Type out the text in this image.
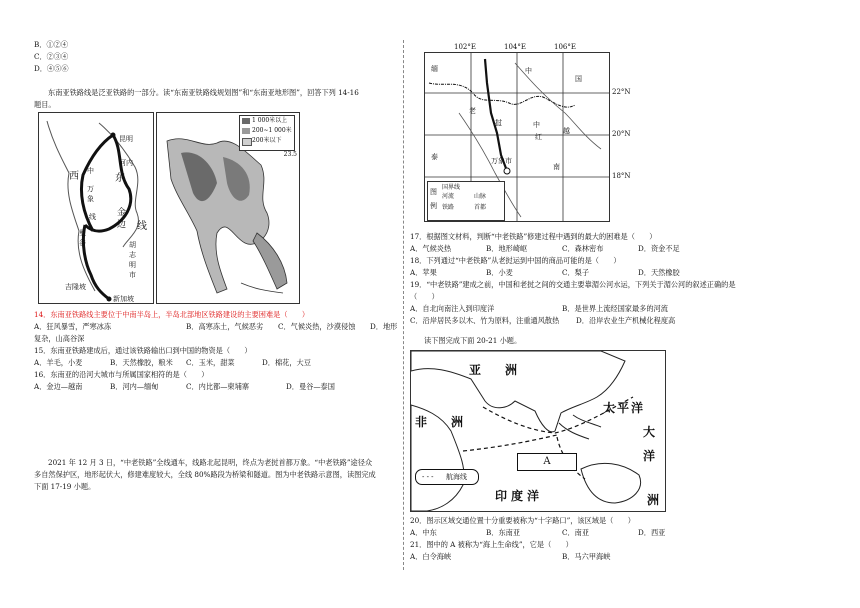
B．①②④
C．②③④
D．④⑤⑥
东南亚铁路线是泛亚铁路的一部分。读“东南亚铁路线规划图”和“东南亚地形图”，回答下列 14-16
题目。
昆明
河内
中
西
万
象
东
线
线
金
边
曼
谷	胡
志
明
市
吉隆坡
新加坡
1 000米以上
200~1 000米
200米以下
23.5
14．东南亚铁路线主要位于中南半岛上，半岛北部地区铁路建设的主要困难是（　　）
A．狂风暴雪，严寒冰冻	B．高寒冻土，气候恶劣 C．气候炎热，沙漠侵蚀 D．地形
复杂，山高谷深
15．东南亚铁路建成后，通过该铁路输出口到中国的物资是（　　）
A．羊毛，小麦	B．天然橡胶，粮米 C．玉米，甜菜	D．棉花，大豆
16．东南亚的沿河大城市与所属国家相符的是（　　）
A．金边—越南	B．河内—缅甸	C．内比都—柬埔寨	D．曼谷—泰国
2021 年 12 月 3 日，“中老铁路”全线通车，线路北起昆明，终点为老挝首都万象。“中老铁路”途径众
多自然保护区，地形起伏大，修建难度较大，全线 80%路段为桥梁和隧道。图为中老铁路示意图，读图完成
下面 17-19 小题。
缅	中
国
老
挝	中
红
越
泰	万象市
南
图
例
国界线
河流	山脉
铁路	首都
102°E	104°E	106°E
22°N
20°N
18°N
17．根据图文材料，判断“中老铁路”修建过程中遇到的最大的困难是（　　）
A．气候炎热	B．地形崎岖	C．森林密布	D．资金不足
18．下列通过“中老铁路”从老挝运到中国的商品可能的是（　　）
A．苹果	B．小麦	C．梨子	D．天然橡胶
19．“中老铁路”建成之前，中国和老挝之间的交通主要靠湄公河水运，下列关于湄公河的叙述正确的是
（　　）
A．自北向南注入到印度洋	B．是世界上流经国家最多的河流
C．沿岸居民多以木、竹为原料，注重通风散热 D．沿岸农业生产机械化程度高
读下图完成下面 20-21 小题。
亚　洲
非　洲
太平洋
大
洋
印度洋	洲
A
- - - 航海线
20．图示区域交通位置十分重要被称为“十字路口”，该区域是（　　）
A．中东	B．东南亚	C．南亚	D．西亚
21．图中的 A 被称为“海上生命线”，它是（　　）
A．白令海峡	B．马六甲海峡
